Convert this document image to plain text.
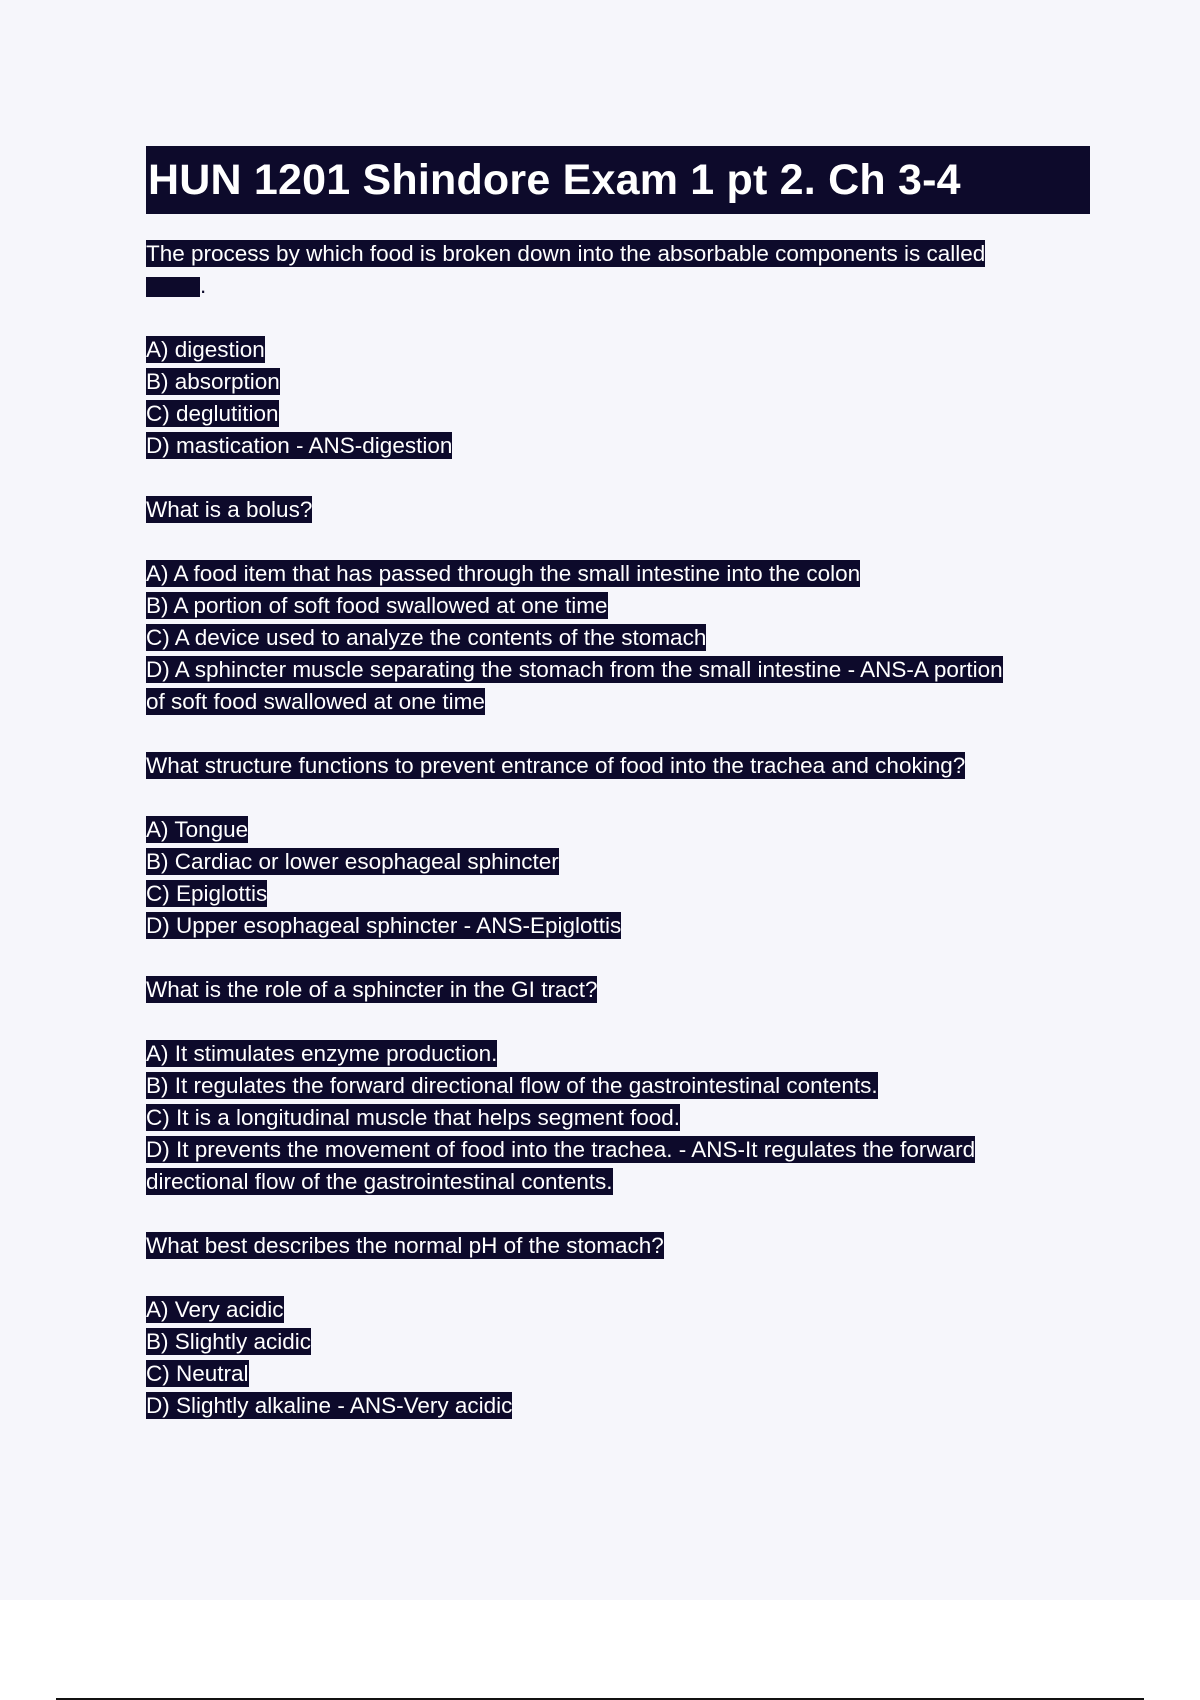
HUN 1201 Shindore Exam 1 pt 2. Ch 3-4
The process by which food is broken down into the absorbable components is called
.
A) digestion
B) absorption
C) deglutition
D) mastication - ANS-digestion
What is a bolus?
A) A food item that has passed through the small intestine into the colon
B) A portion of soft food swallowed at one time
C) A device used to analyze the contents of the stomach
D) A sphincter muscle separating the stomach from the small intestine - ANS-A portion
of soft food swallowed at one time
What structure functions to prevent entrance of food into the trachea and choking?
A) Tongue
B) Cardiac or lower esophageal sphincter
C) Epiglottis
D) Upper esophageal sphincter - ANS-Epiglottis
What is the role of a sphincter in the GI tract?
A) It stimulates enzyme production.
B) It regulates the forward directional flow of the gastrointestinal contents.
C) It is a longitudinal muscle that helps segment food.
D) It prevents the movement of food into the trachea. - ANS-It regulates the forward
directional flow of the gastrointestinal contents.
What best describes the normal pH of the stomach?
A) Very acidic
B) Slightly acidic
C) Neutral
D) Slightly alkaline - ANS-Very acidic
